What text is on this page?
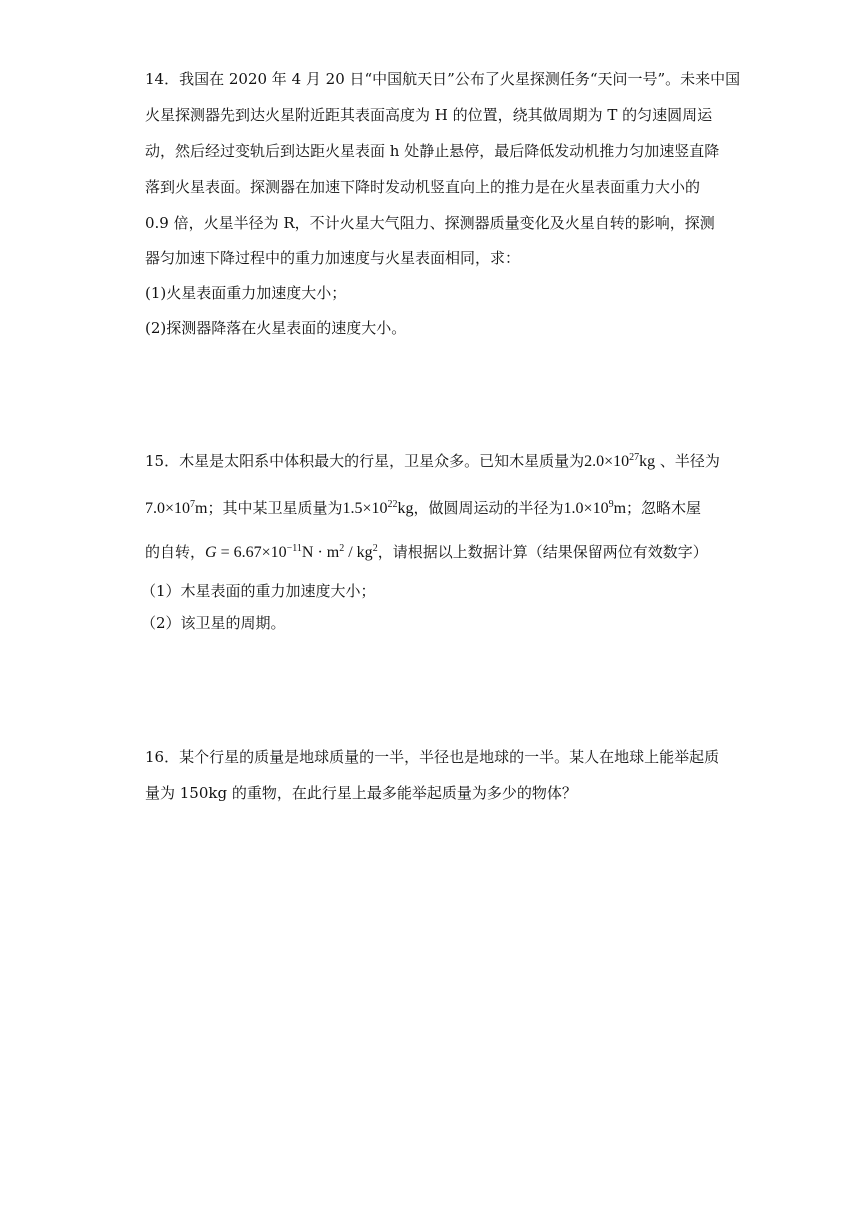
14．我国在 2020 年 4 月 20 日“中国航天日”公布了火星探测任务“天问一号”。未来中国
火星探测器先到达火星附近距其表面高度为 H 的位置，绕其做周期为 T 的匀速圆周运
动，然后经过变轨后到达距火星表面 h 处静止悬停，最后降低发动机推力匀加速竖直降
落到火星表面。探测器在加速下降时发动机竖直向上的推力是在火星表面重力大小的
0.9 倍，火星半径为 R，不计火星大气阻力、探测器质量变化及火星自转的影响，探测
器匀加速下降过程中的重力加速度与火星表面相同，求：
(1)火星表面重力加速度大小；
(2)探测器降落在火星表面的速度大小。
15．木星是太阳系中体积最大的行星，卫星众多。已知木星质量为$2.0\times 10^{27}kg$ 、半径为
$7.0\times 10^7m$；其中某卫星质量为$1.5\times 10^{22}kg$，做圆周运动的半径为$1.0\times 10^9m$；忽略木屋
的自转，$G = 6.67\times 10^{-11}N \cdot m^2 / kg^2$，请根据以上数据计算（结果保留两位有效数字）
（1）木星表面的重力加速度大小；
（2）该卫星的周期。
16．某个行星的质量是地球质量的一半，半径也是地球的一半。某人在地球上能举起质
量为 150kg 的重物，在此行星上最多能举起质量为多少的物体？
